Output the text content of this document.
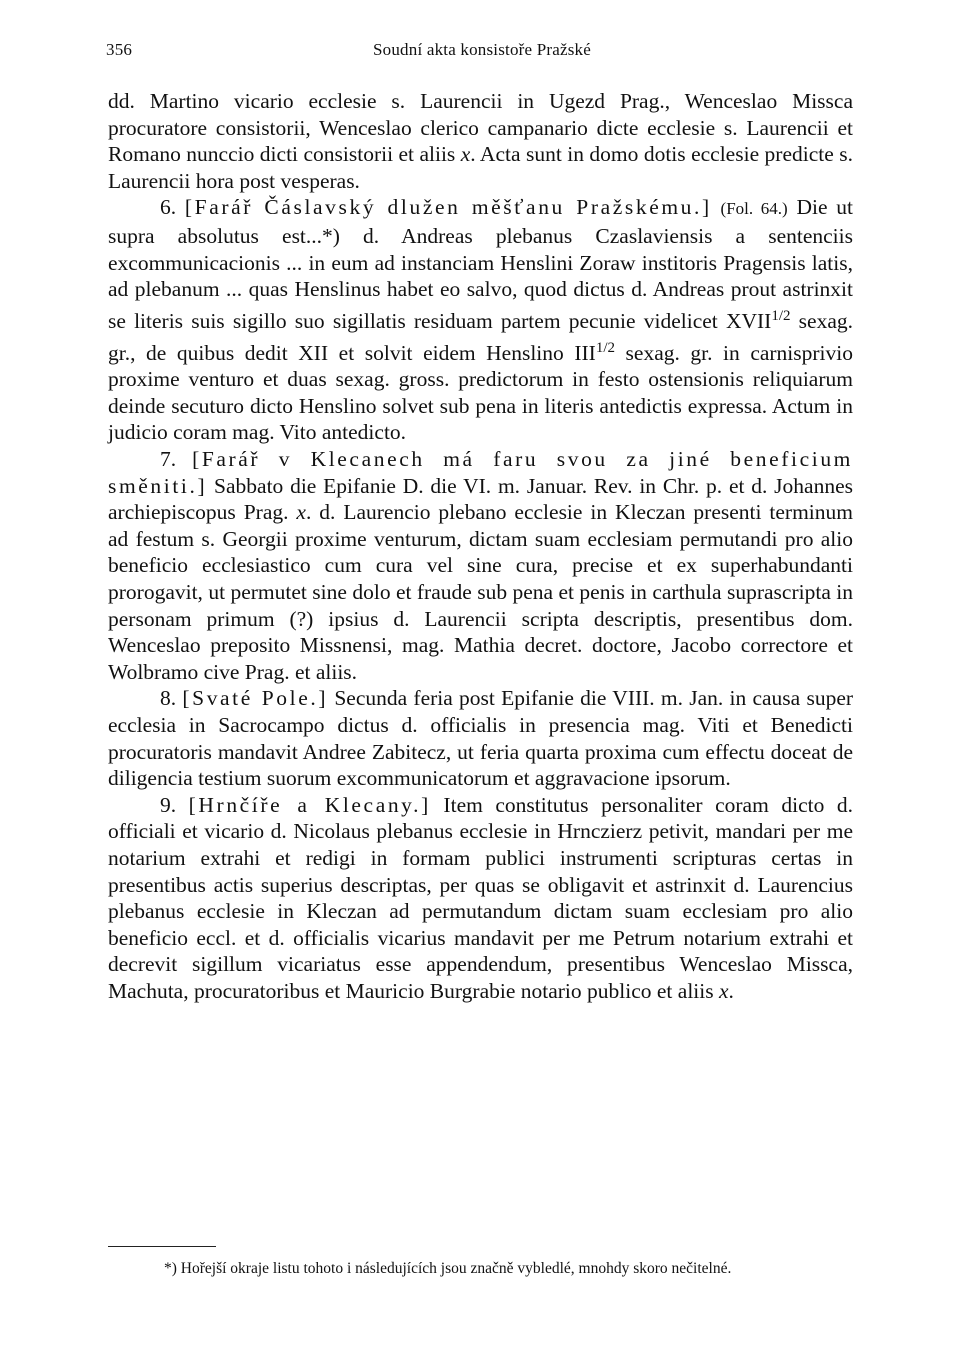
356	Soudní akta konsistoře Pražské

dd. Martino vicario ecclesie s. Laurencii in Ugezd Prag., Wenceslao Missca procuratore consistorii, Wenceslao clerico campanario dicte ecclesie s. Laurencii et Romano nunccio dicti consistorii et aliis x. Acta sunt in domo dotis ecclesie predicte s. Laurencii hora post vesperas.

6. [Farář Čáslavský dlužen měšťanu Pražskému.] (Fol. 64.) Die ut supra absolutus est...*) d. Andreas plebanus Czaslaviensis a sentenciis excommunicacionis ... in eum ad instanciam Henslini Zoraw institoris Pragensis latis, ad plebanum ... quas Henslinus habet eo salvo, quod dictus d. Andreas prout astrinxit se literis suis sigillo suo sigillatis residuam partem pecunie videlicet $XVII^{1/2}$ sexag. gr., de quibus dedit XII et solvit eidem Henslino $III^{1/2}$ sexag. gr. in carnisprivio proxime venturo et duas sexag. gross. predictorum in festo ostensionis reliquiarum deinde secuturo dicto Henslino solvet sub pena in literis antedictis expressa. Actum in judicio coram mag. Vito antedicto.

7. [Farář v Klecanech má faru svou za jiné beneficium směniti.] Sabbato die Epifanie D. die VI. m. Januar. Rev. in Chr. p. et d. Johannes archiepiscopus Prag. x. d. Laurencio plebano ecclesie in Kleczan presenti terminum ad festum s. Georgii proxime venturum, dictam suam ecclesiam permutandi pro alio beneficio ecclesiastico cum cura vel sine cura, precise et ex superhabundanti prorogavit, ut permutet sine dolo et fraude sub pena et penis in carthula suprascripta in personam primum (?) ipsius d. Laurencii scripta descriptis, presentibus dom. Wenceslao preposito Missnensi, mag. Mathia decret. doctore, Jacobo correctore et Wolbramo cive Prag. et aliis.

8. [Svaté Pole.] Secunda feria post Epifanie die VIII. m. Jan. in causa super ecclesia in Sacrocampo dictus d. officialis in presencia mag. Viti et Benedicti procuratoris mandavit Andree Zabitecz, ut feria quarta proxima cum effectu doceat de diligencia testium suorum excommunicatorum et aggravacione ipsorum.

9. [Hrnčíře a Klecany.] Item constitutus personaliter coram dicto d. officiali et vicario d. Nicolaus plebanus ecclesie in Hrnczierz petivit, mandari per me notarium extrahi et redigi in formam publici instrumenti scripturas certas in presentibus actis superius descriptas, per quas se obligavit et astrinxit d. Laurencius plebanus ecclesie in Kleczan ad permutandum dictam suam ecclesiam pro alio beneficio eccl. et d. officialis vicarius mandavit per me Petrum notarium extrahi et decrevit sigillum vicariatus esse appendendum, presentibus Wenceslao Missca, Machuta, procuratoribus et Mauricio Burgrabie notario publico et aliis x.

*) Hořejší okraje listu tohoto i následujících jsou značně vybledlé, mnohdy skoro nečitelné.
